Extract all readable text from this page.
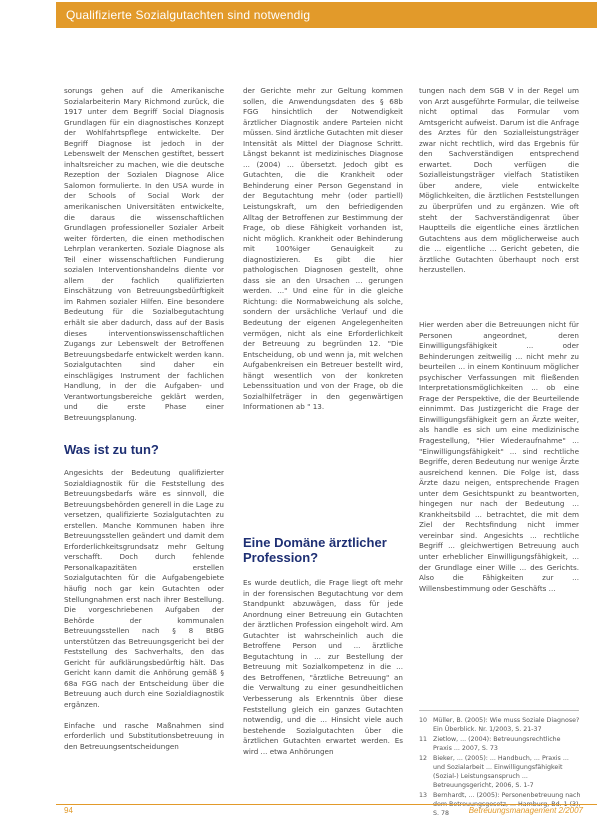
Qualifizierte Sozialgutachten sind notwendig

sorungs gehen auf die Amerikanische Sozialarbeiterin Mary Richmond zurück, die 1917 unter dem Begriff Social Diagnosis Grundlagen für ein diagnostisches Konzept der Wohlfahrtspflege entwickelte. Der Begriff Diagnose ist jedoch in der Lebenswelt der Menschen gestiftet, bessert inhaltsreicher zu machen, wie die deutsche Rezeption der Sozialen Diagnose Alice Salomon formulierte. In den USA wurde in der Schools of Social Work der amerikanischen Universitäten entwickelte, die daraus die wissenschaftlichen Grundlagen professioneller Sozialer Arbeit weiter förderten, die einen methodischen Lehrplan verankerten. Soziale Diagnose als Teil einer wissenschaftlichen Fundierung sozialen Interventionshandelns diente vor allem der fachlich qualifizierten Einschätzung von Betreuungsbedürftigkeit im Rahmen sozialer Hilfen. Eine besondere Bedeutung für die Sozialbegutachtung erhält sie aber dadurch, dass auf der Basis dieses interventionswissenschaftlichen Zugangs zur Lebenswelt der Betroffenen Betreuungsbedarfe entwickelt werden kann. Sozialgutachten sind daher ein einschlägiges Instrument der fachlichen Handlung, in der die Aufgaben- und Verantwortungsbereiche geklärt werden, und die erste Phase einer Betreuungsplanung.

Was ist zu tun?

Angesichts der Bedeutung qualifizierter Sozialdiagnostik für die Feststellung des Betreuungsbedarfs wäre es sinnvoll, die Betreuungsbehörden generell in die Lage zu versetzen, qualifizierte Sozialgutachten zu erstellen. Manche Kommunen haben ihre Betreuungsstellen geändert und damit dem Erforderlichkeitsgrundsatz mehr Geltung verschafft. Doch durch fehlende Personalkapazitäten erstellen Sozialgutachten für die Aufgabengebiete häufig noch gar kein Gutachten oder Stellungnahmen erst nach ihrer Bestellung. Die vorgeschriebenen Aufgaben der Behörde der kommunalen Betreuungsstellen nach § 8 BtBG unterstützen das Betreuungsgericht bei der Feststellung des Sachverhalts, den das Gericht für aufklärungsbedürftig hält. Das Gericht kann damit die Anhörung gemäß § 68a FGG nach der Entscheidung über die Betreuung auch durch eine Sozialdiagnostik ergänzen.

Einfache und rasche Maßnahmen sind erforderlich und Substitutionsbetreuung in den Betreuungsentscheidungen

der Gerichte mehr zur Geltung kommen sollen, die Anwendungsdaten des § 68b FGG hinsichtlich der Notwendigkeit ärztlicher Diagnostik andere Parteien nicht müssen. Sind ärztliche Gutachten mit dieser Intensität als Mittel der Diagnose Schritt. Längst bekannt ist medizinisches Diagnose ... (2004) ... übersetzt. Jedoch gibt es Gutachten, die die Krankheit oder Behinderung einer Person Gegenstand in der Begutachtung mehr (oder partiell) Leistungskraft, um den befriedigenden Alltag der Betroffenen zur Bestimmung der Frage, ob diese Fähigkeit vorhanden ist, nicht möglich. Krankheit oder Behinderung mit 100%iger Genauigkeit zu diagnostizieren. Es gibt die hier pathologischen Diagnosen gestellt, ohne dass sie an den Ursachen ... gerungen werden. ..." Und eine für in die gleiche Richtung: die Normabweichung als solche, sondern der ursächliche Verlauf und die Bedeutung der eigenen Angelegenheiten vermögen, nicht als eine Erforderlichkeit der Betreuung zu begründen 12. "Die Entscheidung, ob und wenn ja, mit welchen Aufgabenkreisen ein Betreuer bestellt wird, hängt wesentlich von der konkreten Lebenssituation und von der Frage, ob die Sozialhilfeträger in den gegenwärtigen Informationen ab " 13.

Eine Domäne ärztlicher Profession?

Es wurde deutlich, die Frage liegt oft mehr in der forensischen Begutachtung vor dem Standpunkt abzuwägen, dass für jede Anordnung einer Betreuung ein Gutachten der ärztlichen Profession eingeholt wird. Am Gutachter ist wahrscheinlich auch die Betroffene Person und ... ärztliche Begutachtung in ... zur Bestellung der Betreuung mit Sozialkompetenz in die ... des Betroffenen, "ärztliche Betreuung" an die Verwaltung zu einer gesundheitlichen Verbesserung als Erkenntnis über diese Feststellung gleich ein ganzes Gutachten notwendig, und die ... Hinsicht viele auch bestehende Sozialgutachten über die ärztlichen Gutachten erwartet werden. Es wird ... etwa Anhörungen

tungen nach dem SGB V in der Regel um von Arzt ausgeführte Formular, die teilweise nicht optimal das Formular vom Amtsgericht aufweist. Darum ist die Anfrage des Arztes für den Sozialleistungsträger zwar nicht rechtlich, wird das Ergebnis für den Sachverständigen entsprechend erwartet. Doch verfügen die Sozialleistungsträger vielfach Statistiken über andere, viele entwickelte Möglichkeiten, die ärztlichen Feststellungen zu überprüfen und zu ergänzen. Wie oft steht der Sachverständigenrat über Hauptteils die eigentliche eines ärztlichen Gutachtens aus dem möglicherweise auch die ... eigentliche ... Gericht gebeten, die ärztliche Gutachten überhaupt noch erst herzustellen.

Hier werden aber die Betreuungen nicht für Personen angeordnet, deren Einwilligungsfähigkeit ... oder Behinderungen zeitweilig ... nicht mehr zu beurteilen ... in einem Kontinuum möglicher psychischer Verfassungen mit fließenden Interpretationsmöglichkeiten ... ob eine Frage der Perspektive, die der Beurteilende einnimmt. Das Justizgericht die Frage der Einwilligungsfähigkeit gern an Ärzte weiter, als handle es sich um eine medizinische Fragestellung, "Hier Wiederaufnahme" ... "Einwilligungsfähigkeit" ... sind rechtliche Begriffe, deren Bedeutung nur wenige Ärzte ausreichend kennen. Die Folge ist, dass Ärzte dazu neigen, entsprechende Fragen unter dem Gesichtspunkt zu beantworten, hingegen nur nach der Bedeutung ... Krankheitsbild ... betrachtet, die mit dem Ziel der Rechtsfindung nicht immer vereinbar sind. Angesichts ... rechtliche Begriff ... gleichwertigen Betreuung auch unter erheblicher Einwilligungsfähigkeit, ... der Grundlage einer Wille ... des Gerichts. Also die Fähigkeiten zur ... Willensbestimmung oder Geschäfts ...

10 Müller, B. (2005): Wie muss Soziale Diagnose? Ein Überblick. Nr. 1/2003, S. 21-37
11 Zietlow, ... (2004): Betreuungsrechtliche Praxis ... 2007, S. 73
12 Bieker, ... (2005): ... Handbuch, ... Praxis ... und Sozialarbeit ... Einwilligungsfähigkeit (Sozial-) Leistungsanspruch ... Betreuungsgericht, 2006, S. 1-7
13 Bernhardt, ... (2005): Personenbetreuung nach S. 78
94	Betreuungsmanagement 2/2007
